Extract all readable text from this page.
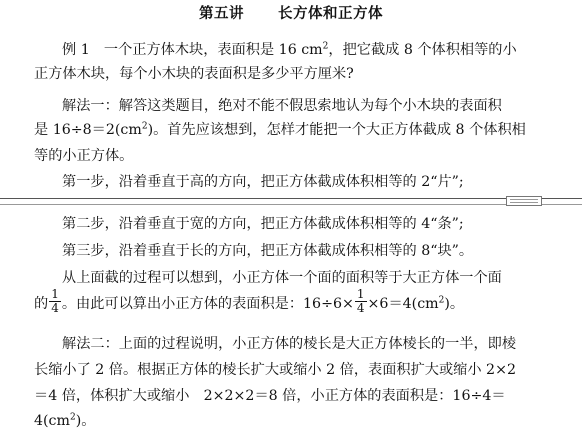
第五讲 长方体和正方体
例 1　一个正方体木块，表面积是 16 $cm^2$，把它截成 8 个体积相等的小
正方体木块，每个小木块的表面积是多少平方厘米?
解法一：解答这类题目，绝对不能不假思索地认为每个小木块的表面积
是 $16\div 8=2(cm^2)$。首先应该想到，怎样才能把一个大正方体截成 8 个体积相
等的小正方体。
第一步，沿着垂直于高的方向，把正方体截成体积相等的 2“片”;
第二步，沿着垂直于宽的方向，把正方体截成体积相等的 4“条”;
第三步，沿着垂直于长的方向，把正方体截成体积相等的 8“块”。
从上面截的过程可以想到，小正方体一个面的面积等于大正方体一个面
的 $\frac{1}{4}$ 。由此可以算出小正方体的表面积是：$16\div 6\times \frac{1}{4} \times 6=4(cm^2)$。
解法二：上面的过程说明，小正方体的棱长是大正方体棱长的一半，即棱
长缩小了 2 倍。根据正方体的棱长扩大或缩小 2 倍，表面积扩大或缩小 2×2
＝4 倍，体积扩大或缩小　2×2×2＝8 倍，小正方体的表面积是：16÷4＝
$4(cm^2)$。
